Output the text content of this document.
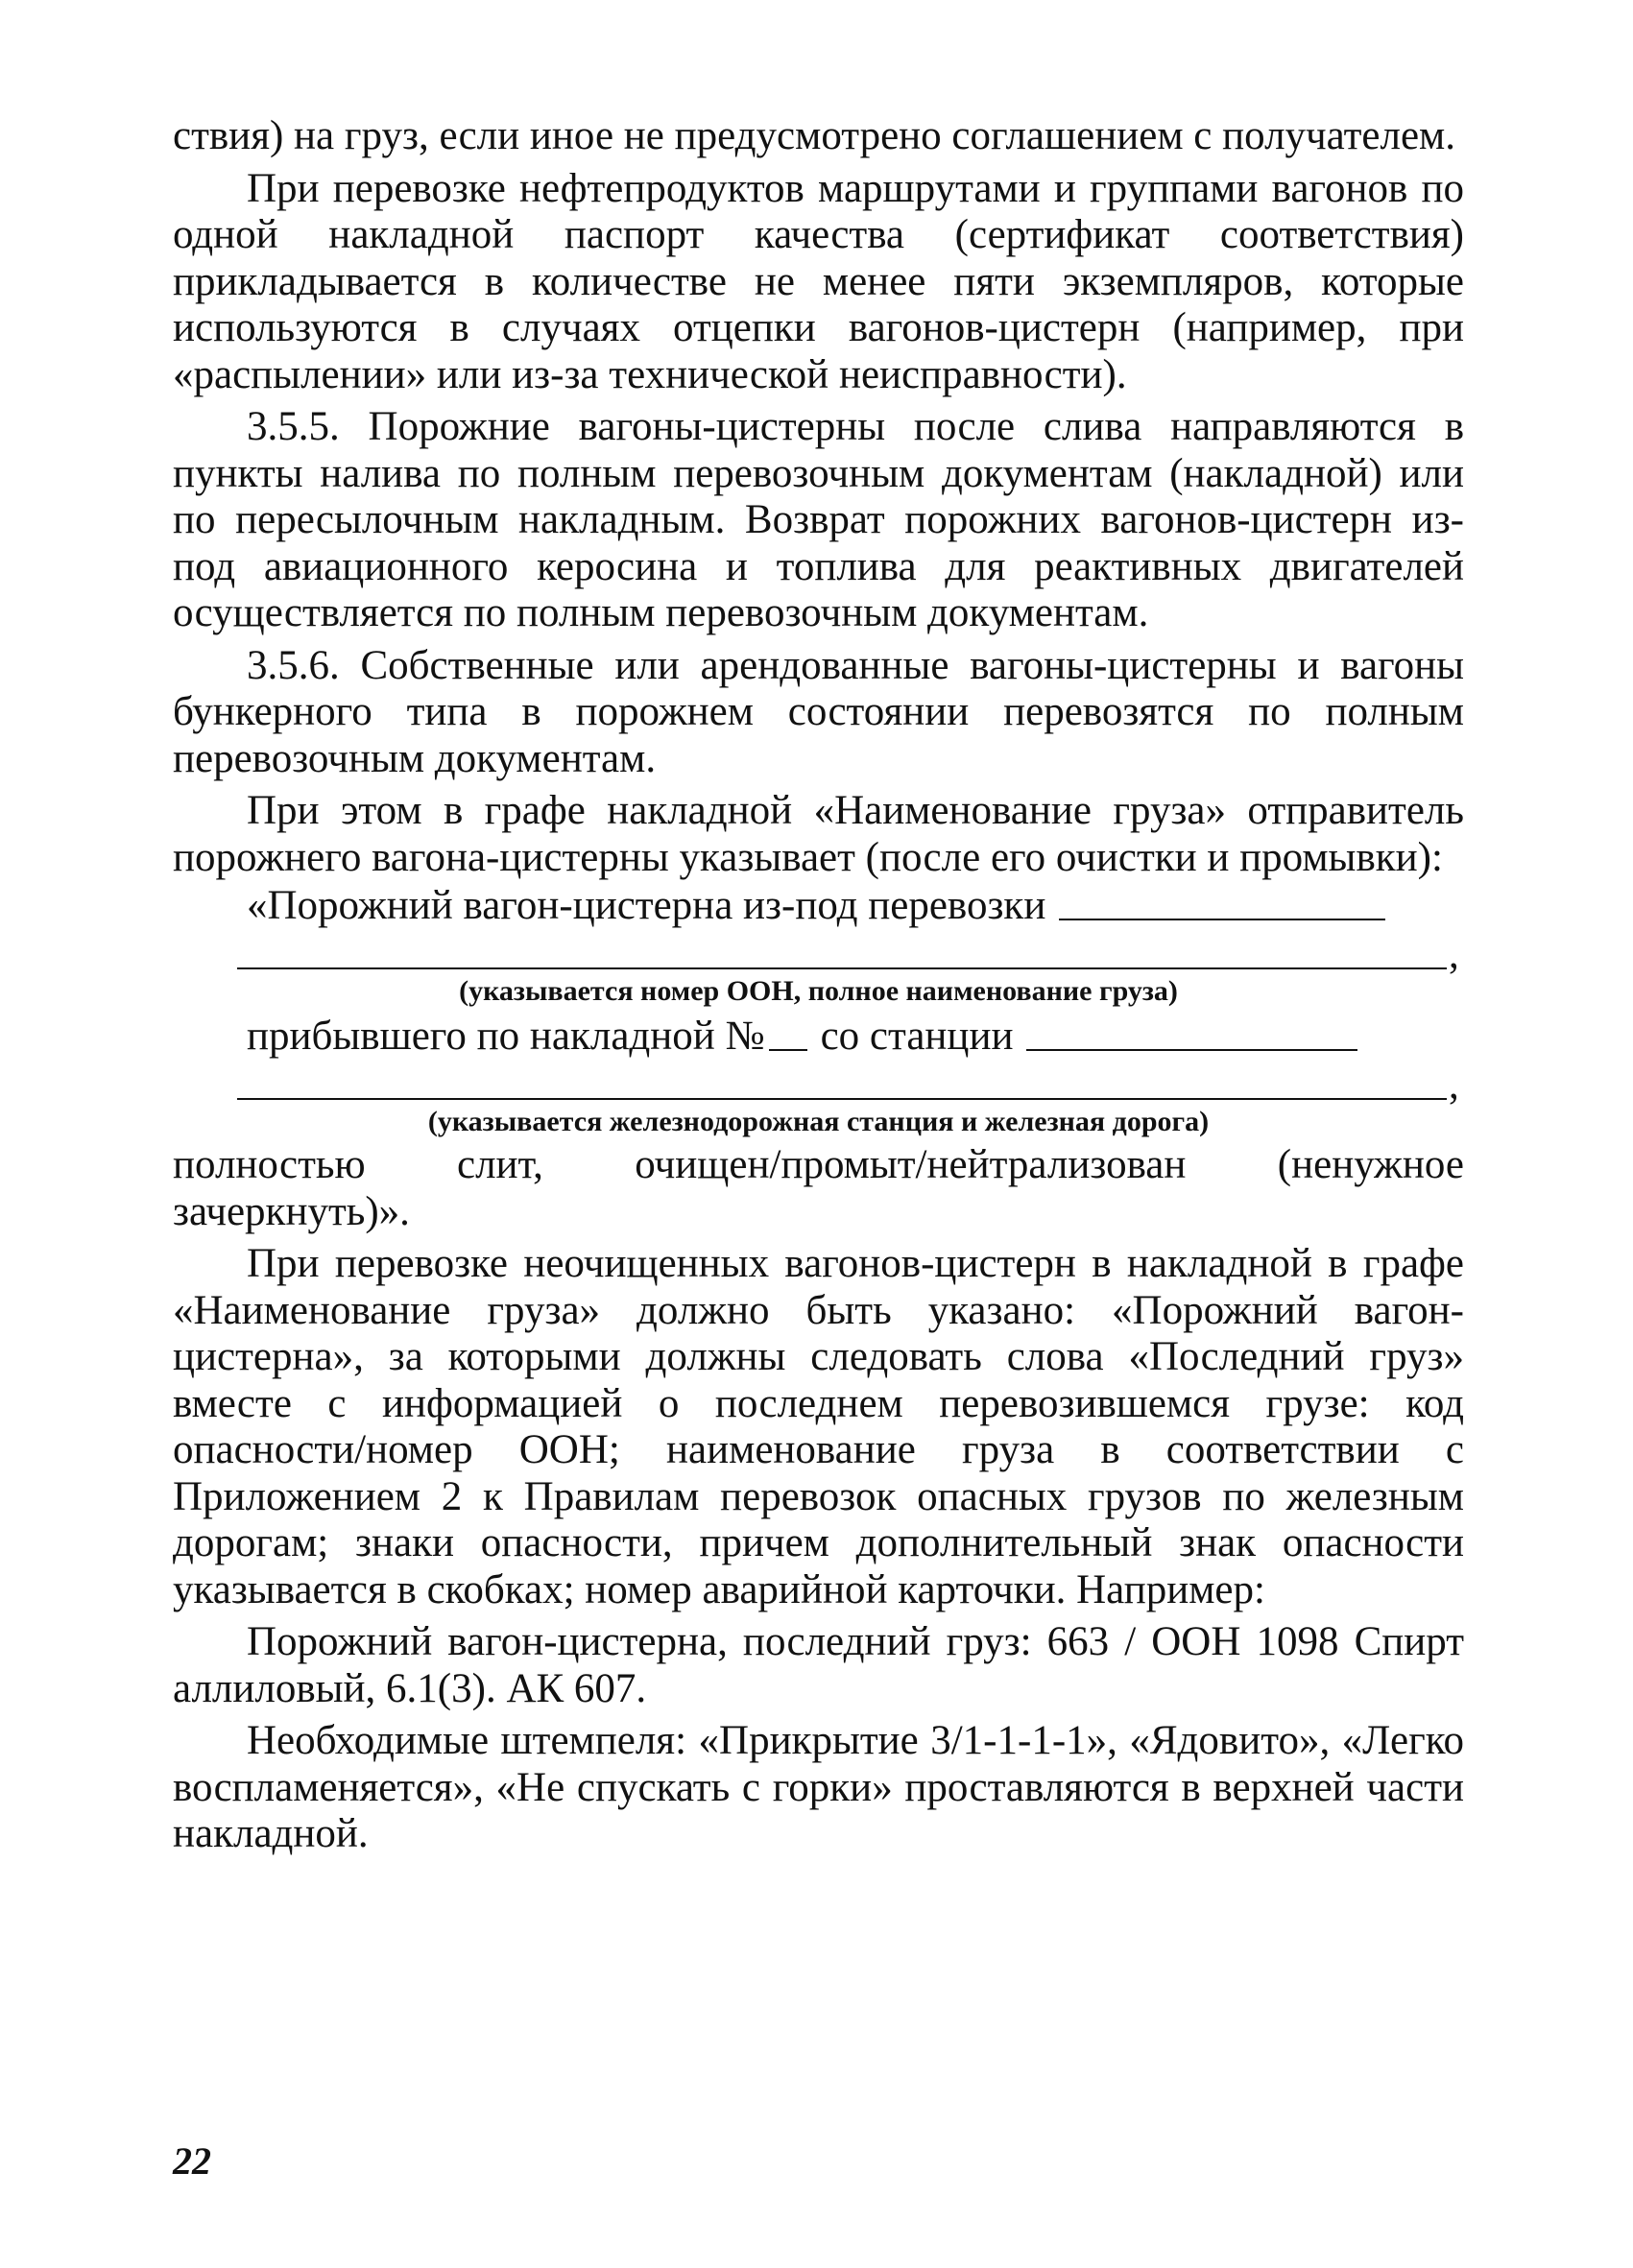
ствия) на груз, если иное не предусмотрено соглашением с получателем.

При перевозке нефтепродуктов маршрутами и группами вагонов по одной накладной паспорт качества (сертификат соответствия) прикладывается в количестве не менее пяти экземпляров, которые используются в случаях отцепки вагонов-цистерн (например, при «распылении» или из-за технической неисправности).

3.5.5. Порожние вагоны-цистерны после слива направляются в пункты налива по полным перевозочным документам (накладной) или по пересылочным накладным. Возврат порожних вагонов-цистерн из-под авиационного керосина и топлива для реактивных двигателей осуществляется по полным перевозочным документам.

3.5.6. Собственные или арендованные вагоны-цистерны и вагоны бункерного типа в порожнем состоянии перевозятся по полным перевозочным документам.

При этом в графе накладной «Наименование груза» отправитель порожнего вагона-цистерны указывает (после его очистки и промывки):

«Порожний вагон-цистерна из-под перевозки
,
(указывается номер ООН, полное наименование груза)
прибывшего по накладной № со станции
,
(указывается железнодорожная станция и железная дорога)

полностью слит, очищен/промыт/нейтрализован (ненужное зачеркнуть)».

При перевозке неочищенных вагонов-цистерн в накладной в графе «Наименование груза» должно быть указано: «Порожний вагон-цистерна», за которыми должны следовать слова «Последний груз» вместе с информацией о последнем перевозившемся грузе: код опасности/номер ООН; наименование груза в соответствии с Приложением 2 к Правилам перевозок опасных грузов по железным дорогам; знаки опасности, причем дополнительный знак опасности указывается в скобках; номер аварийной карточки. Например:

Порожний вагон-цистерна, последний груз: 663 / ООН 1098 Спирт аллиловый, 6.1(3). АК 607.

Необходимые штемпеля: «Прикрытие 3/1-1-1-1», «Ядовито», «Легко воспламеняется», «Не спускать с горки» проставляются в верхней части накладной.

22
